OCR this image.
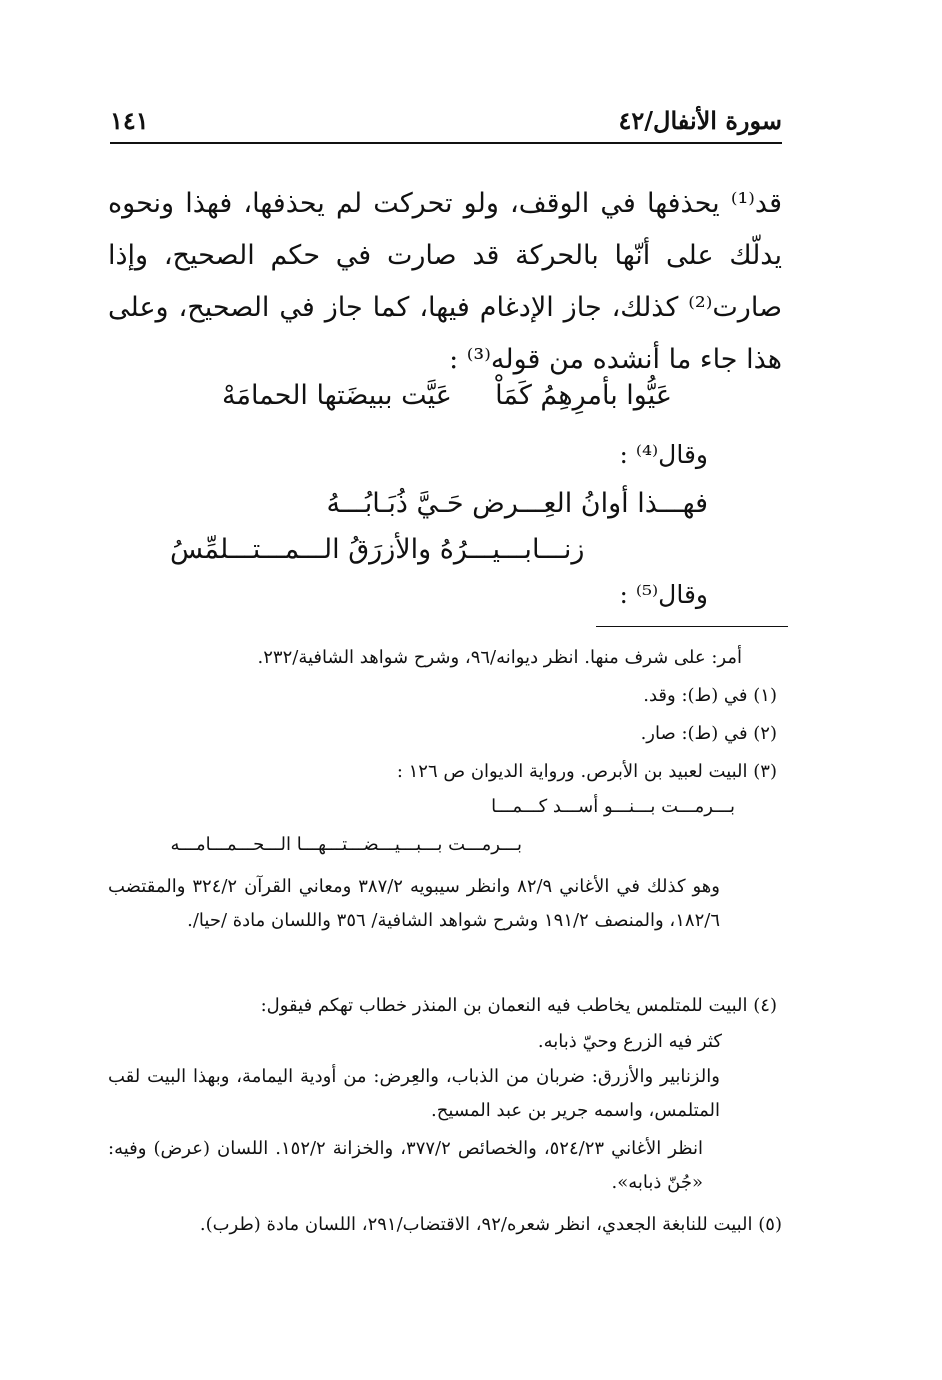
سورة الأنفال/٤٢
١٤١
قد⁽¹⁾ يحذفها في الوقف، ولو تحركت لم يحذفها، فهذا ونحوه يدلّك على أنّها بالحركة قد صارت في حكم الصحيح، وإذا صارت⁽²⁾ كذلك، جاز الإدغام فيها، كما جاز في الصحيح، وعلى هذا جاء ما أنشده من قوله⁽³⁾ :
عَيُّوا بأمرِهِمُ كَمَاْ
عَيَّت ببيضَتها الحمامَهْ
وقال⁽⁴⁾ :
فهـــذا أوانُ العِـــرض حَـيَّ ذُبَـابُـــهُ
زنـــابـــيـــرُهُ والأزرَقُ الـــمـــتـــلمِّسُ
وقال⁽⁵⁾ :
أمر: على شرف منها. انظر ديوانه/٩٦، وشرح شواهد الشافية/٢٣٢.
(١) في (ط): وقد.
(٢) في (ط): صار.
(٣) البيت لعبيد بن الأبرص. ورواية الديوان ص ١٢٦ :
بـــرمـــت بـــنـــو أســـد كـــمـــا
بـــرمـــت بـــبـــيـــضـــتـــهـــا الـــحـــمـــامـــه
وهو كذلك في الأغاني ٨٢/٩ وانظر سيبويه ٣٨٧/٢ ومعاني القرآن ٣٢٤/٢ والمقتضب ١٨٢/٦، والمنصف ١٩١/٢ وشرح شواهد الشافية/ ٣٥٦ واللسان مادة /حيا/.
(٤) البيت للمتلمس يخاطب فيه النعمان بن المنذر خطاب تهكم فيقول:
كثر فيه الزرع وحيّ ذبابه.
والزنابير والأزرق: ضربان من الذباب، والعِرض: من أودية اليمامة، وبهذا البيت لقب المتلمس، واسمه جرير بن عبد المسيح.
انظر الأغاني ٥٢٤/٢٣، والخصائص ٣٧٧/٢، والخزانة ١٥٢/٢. اللسان (عرض) وفيه: «جُنّ ذبابه».
(٥) البيت للنابغة الجعدي، انظر شعره/٩٢، الاقتضاب/٢٩١، اللسان مادة (طرب).
